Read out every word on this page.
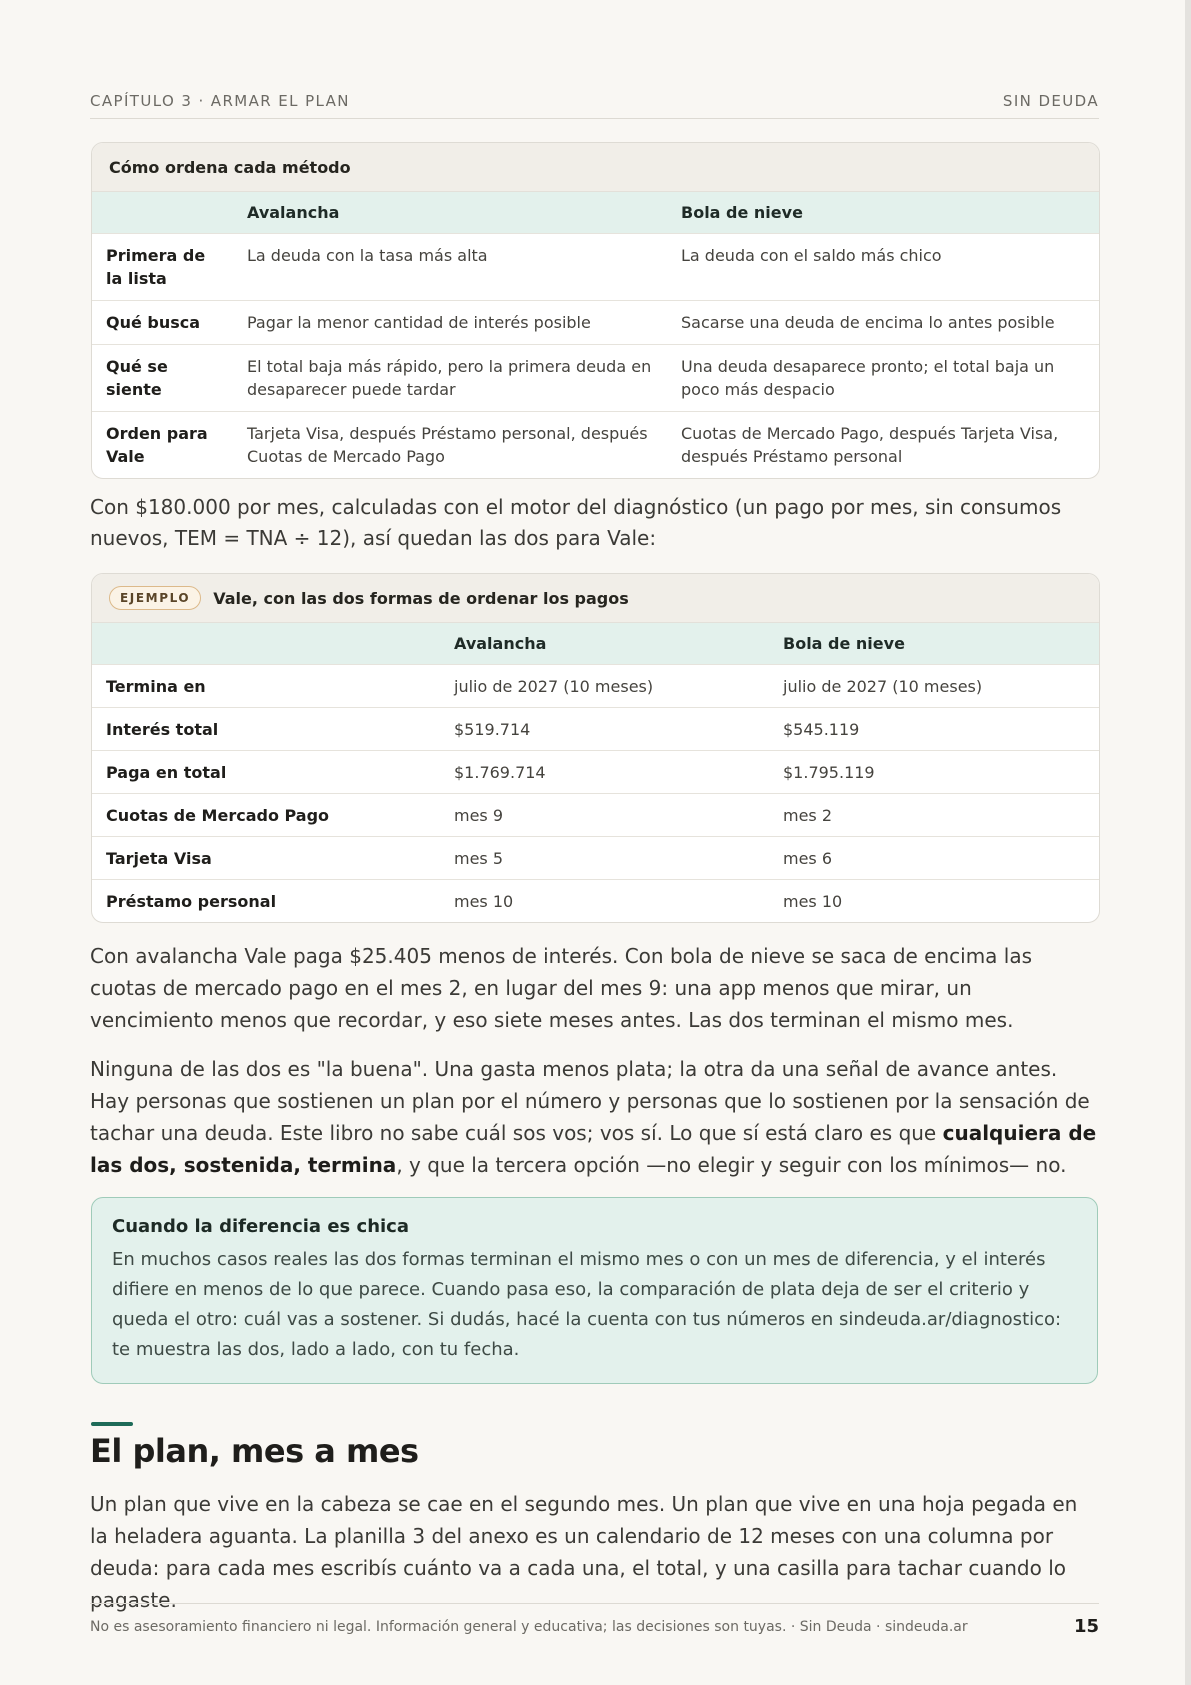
CAPÍTULO 3 · ARMAR EL PLAN	SIN DEUDA
Cómo ordena cada método
	Avalancha	Bola de nieve
Primera de la lista	La deuda con la tasa más alta	La deuda con el saldo más chico
Qué busca	Pagar la menor cantidad de interés posible	Sacarse una deuda de encima lo antes posible
Qué se siente	El total baja más rápido, pero la primera deuda en desaparecer puede tardar	Una deuda desaparece pronto; el total baja un poco más despacio
Orden para Vale	Tarjeta Visa, después Préstamo personal, después Cuotas de Mercado Pago	Cuotas de Mercado Pago, después Tarjeta Visa, después Préstamo personal

Con $180.000 por mes, calculadas con el motor del diagnóstico (un pago por mes, sin consumos nuevos, TEM = TNA ÷ 12), así quedan las dos para Vale:

EJEMPLO	Vale, con las dos formas de ordenar los pagos
	Avalancha	Bola de nieve
Termina en	julio de 2027 (10 meses)	julio de 2027 (10 meses)
Interés total	$519.714	$545.119
Paga en total	$1.769.714	$1.795.119
Cuotas de Mercado Pago	mes 9	mes 2
Tarjeta Visa	mes 5	mes 6
Préstamo personal	mes 10	mes 10

Con avalancha Vale paga $25.405 menos de interés. Con bola de nieve se saca de encima las cuotas de mercado pago en el mes 2, en lugar del mes 9: una app menos que mirar, un vencimiento menos que recordar, y eso siete meses antes. Las dos terminan el mismo mes.

Ninguna de las dos es "la buena". Una gasta menos plata; la otra da una señal de avance antes. Hay personas que sostienen un plan por el número y personas que lo sostienen por la sensación de tachar una deuda. Este libro no sabe cuál sos vos; vos sí. Lo que sí está claro es que cualquiera de las dos, sostenida, termina, y que la tercera opción —no elegir y seguir con los mínimos— no.

Cuando la diferencia es chica

En muchos casos reales las dos formas terminan el mismo mes o con un mes de diferencia, y el interés difiere en menos de lo que parece. Cuando pasa eso, la comparación de plata deja de ser el criterio y queda el otro: cuál vas a sostener. Si dudás, hacé la cuenta con tus números en sindeuda.ar/diagnostico: te muestra las dos, lado a lado, con tu fecha.

El plan, mes a mes

Un plan que vive en la cabeza se cae en el segundo mes. Un plan que vive en una hoja pegada en la heladera aguanta. La planilla 3 del anexo es un calendario de 12 meses con una columna por deuda: para cada mes escribís cuánto va a cada una, el total, y una casilla para tachar cuando lo pagaste.

No es asesoramiento financiero ni legal. Información general y educativa; las decisiones son tuyas. · Sin Deuda · sindeuda.ar	15
